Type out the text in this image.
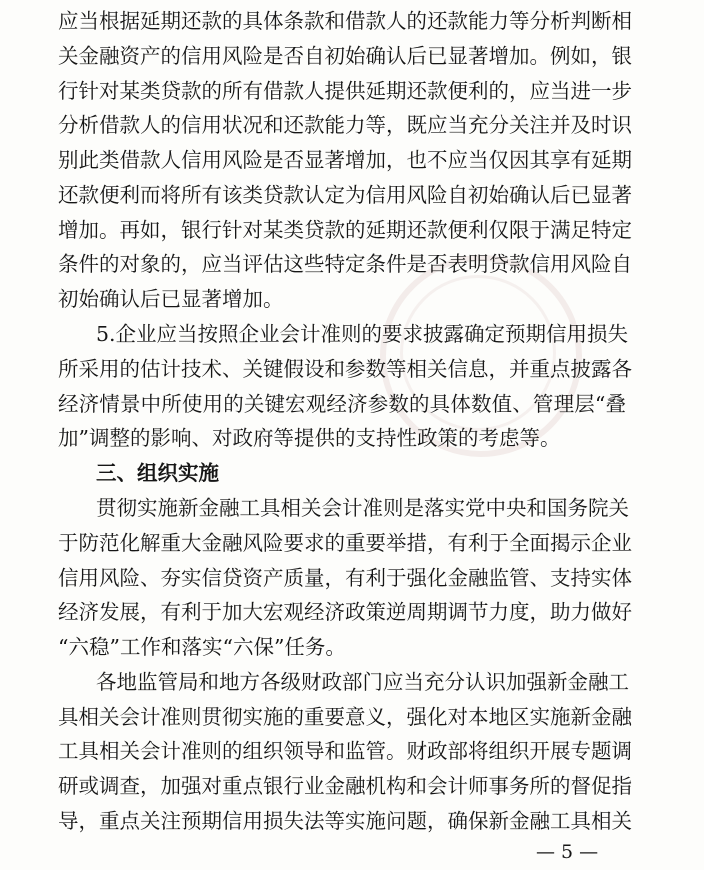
应当根据延期还款的具体条款和借款人的还款能力等分析判断相
关金融资产的信用风险是否自初始确认后已显著增加。例如，银
行针对某类贷款的所有借款人提供延期还款便利的，应当进一步
分析借款人的信用状况和还款能力等，既应当充分关注并及时识
别此类借款人信用风险是否显著增加，也不应当仅因其享有延期
还款便利而将所有该类贷款认定为信用风险自初始确认后已显著
增加。再如，银行针对某类贷款的延期还款便利仅限于满足特定
条件的对象的，应当评估这些特定条件是否表明贷款信用风险自
初始确认后已显著增加。
5.企业应当按照企业会计准则的要求披露确定预期信用损失
所采用的估计技术、关键假设和参数等相关信息，并重点披露各
经济情景中所使用的关键宏观经济参数的具体数值、管理层“叠
加”调整的影响、对政府等提供的支持性政策的考虑等。
三、组织实施
贯彻实施新金融工具相关会计准则是落实党中央和国务院关
于防范化解重大金融风险要求的重要举措，有利于全面揭示企业
信用风险、夯实信贷资产质量，有利于强化金融监管、支持实体
经济发展，有利于加大宏观经济政策逆周期调节力度，助力做好
“六稳”工作和落实“六保”任务。
各地监管局和地方各级财政部门应当充分认识加强新金融工
具相关会计准则贯彻实施的重要意义，强化对本地区实施新金融
工具相关会计准则的组织领导和监管。财政部将组织开展专题调
— 5 —
研或调查，加强对重点银行业金融机构和会计师事务所的督促指
导，重点关注预期信用损失法等实施问题，确保新金融工具相关
